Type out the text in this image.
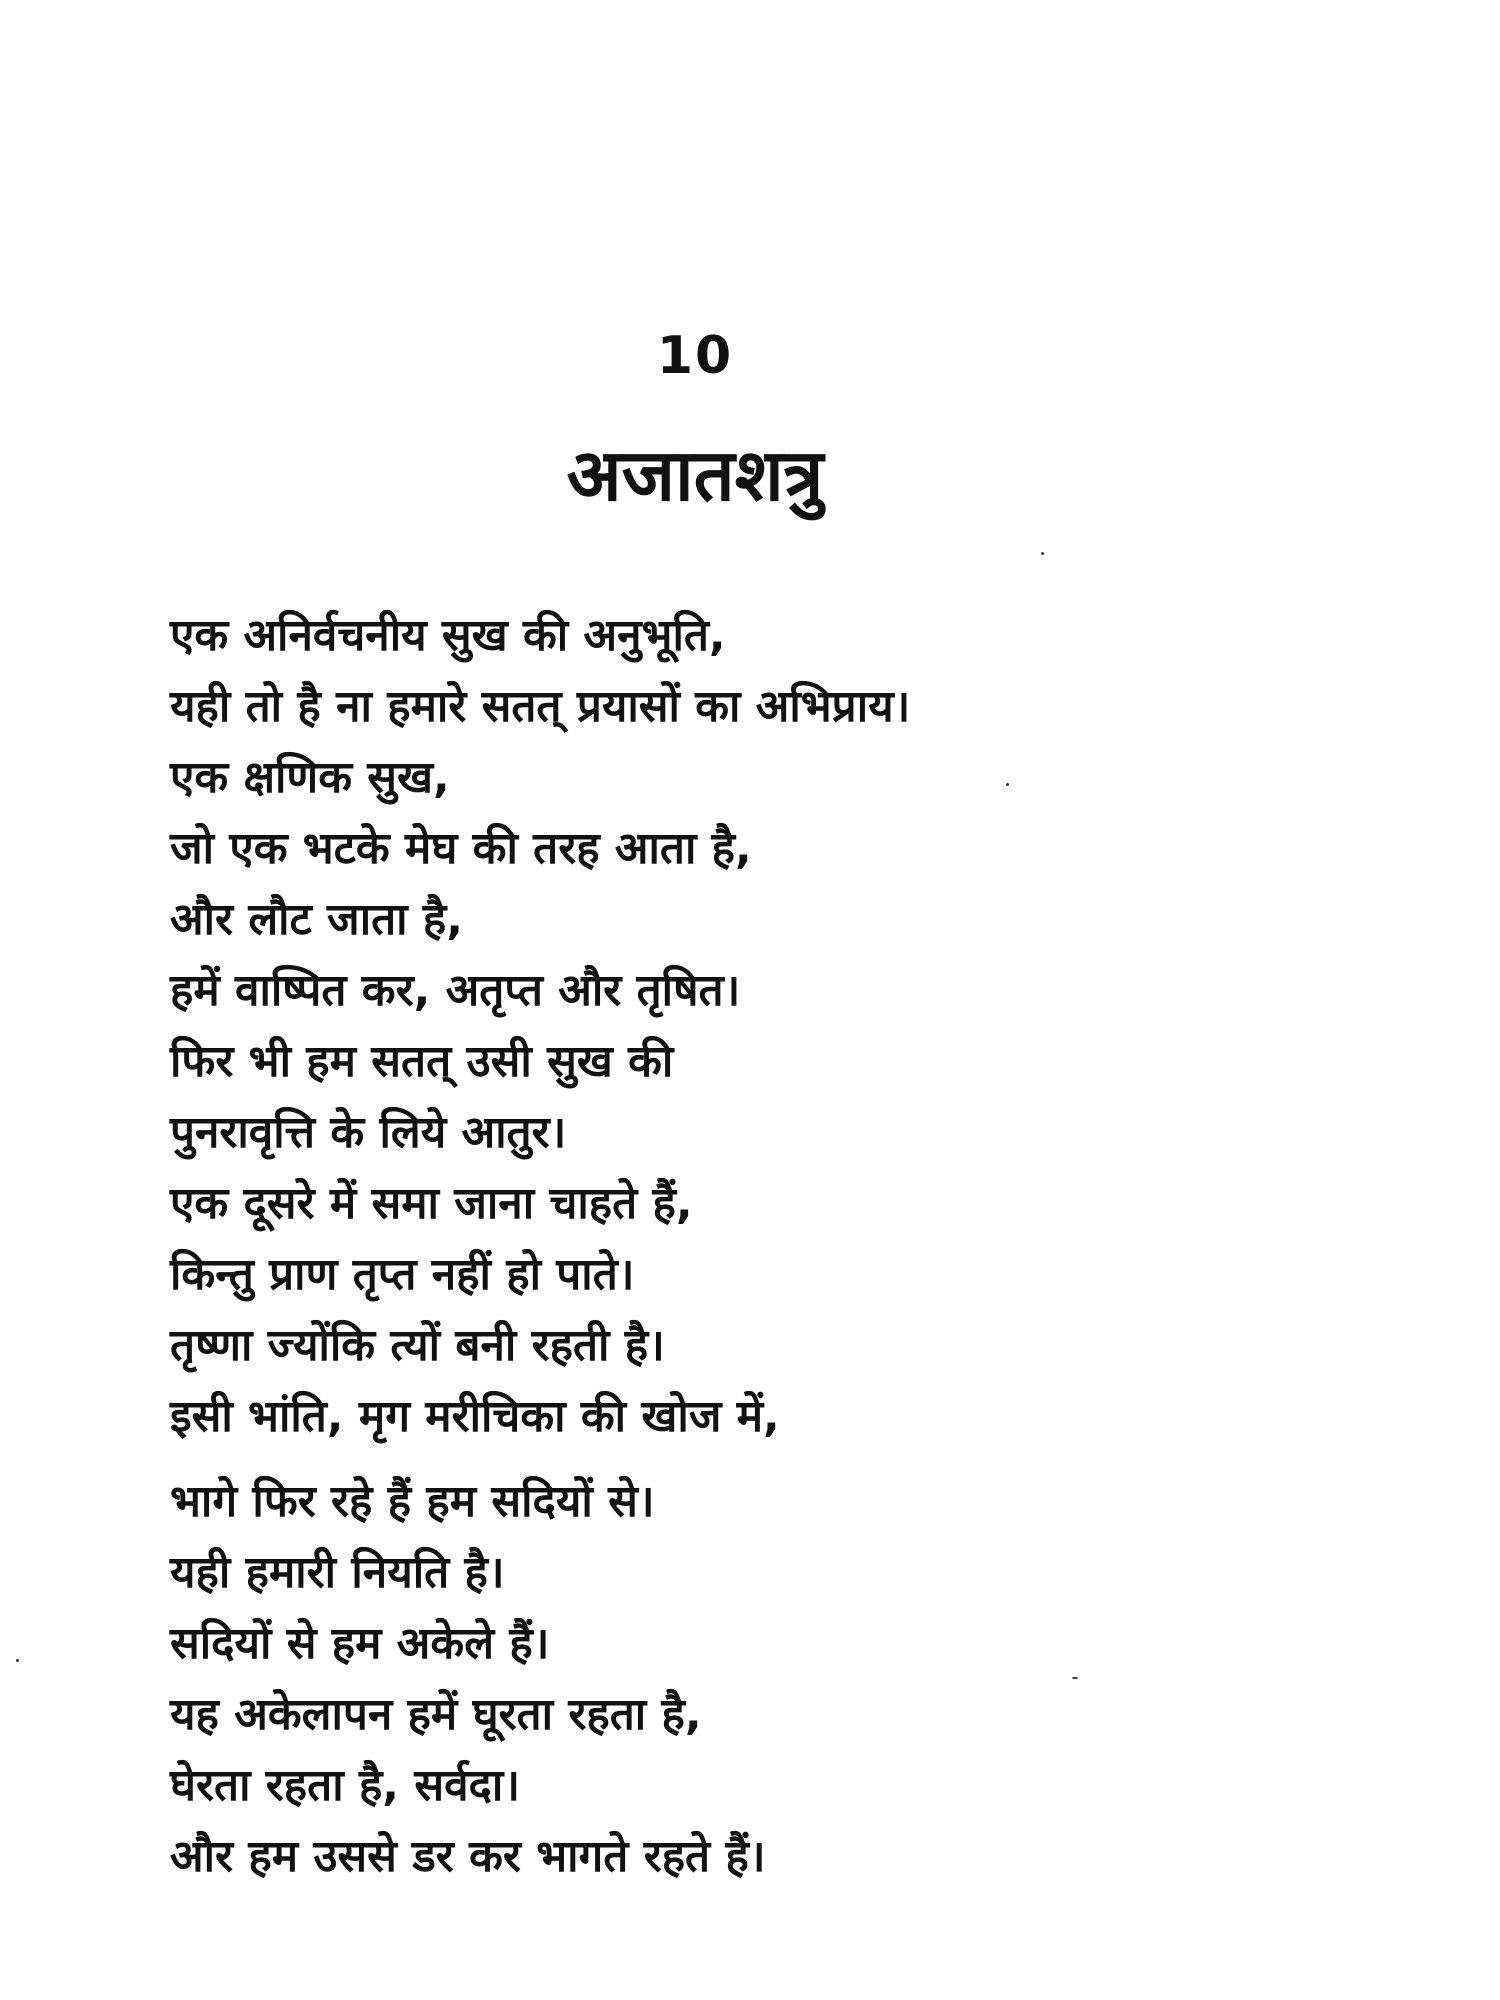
10
अजातशत्रु
एक अनिर्वचनीय सुख की अनुभूति,
यही तो है ना हमारे सतत् प्रयासों का अभिप्राय।
एक क्षणिक सुख,
जो एक भटके मेघ की तरह आता है,
और लौट जाता है,
हमें वाष्पित कर, अतृप्त और तृषित।
फिर भी हम सतत् उसी सुख की
पुनरावृत्ति के लिये आतुर।
एक दूसरे में समा जाना चाहते हैं,
किन्तु प्राण तृप्त नहीं हो पाते।
तृष्णा ज्योंकि त्यों बनी रहती है।
इसी भांति, मृग मरीचिका की खोज में,
भागे फिर रहे हैं हम सदियों से।
यही हमारी नियति है।
सदियों से हम अकेले हैं।
यह अकेलापन हमें घूरता रहता है,
घेरता रहता है, सर्वदा।
और हम उससे डर कर भागते रहते हैं।
